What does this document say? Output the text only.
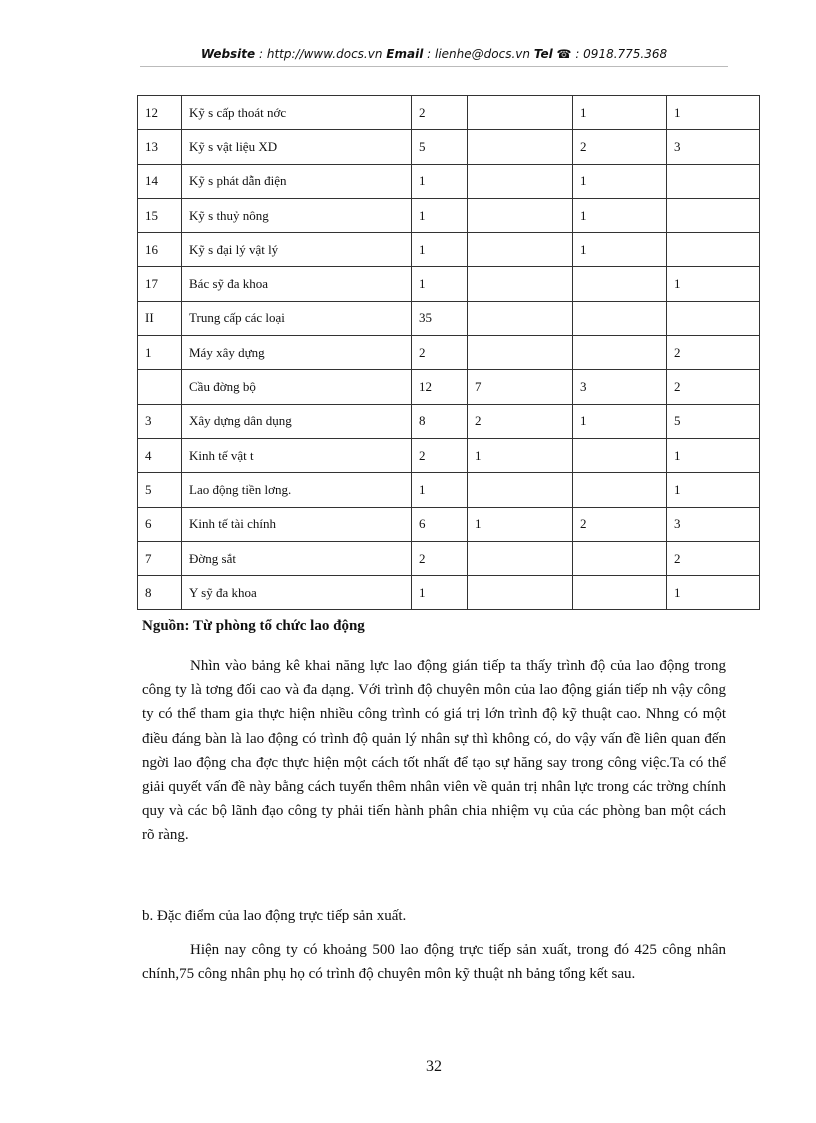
Website : http://www.docs.vn Email : lienhe@docs.vn Tel ☎ : 0918.775.368
12	Kỹ s cấp thoát nớc	2		1	1
13	Kỹ s vật liệu XD	5		2	3
14	Kỹ s phát dẫn điện	1		1	
15	Kỹ s thuỷ nông	1		1	
16	Kỹ s đại lý vật lý	1		1	
17	Bác sỹ đa khoa	1			1
II	Trung cấp các loại	35			
1	Máy xây dựng	2			2
	Cầu đờng bộ	12	7	3	2
3	Xây dựng dân dụng	8	2	1	5
4	Kinh tế vật t	2	1		1
5	Lao động tiền lơng.	1			1
6	Kinh tế tài chính	6	1	2	3
7	Đờng sắt	2			2
8	Y sỹ đa khoa	1			1
Nguồn: Từ phòng tổ chức lao động

Nhìn vào bảng kê khai năng lực lao động gián tiếp ta thấy trình độ của lao động trong công ty là tơng đối cao và đa dạng. Với trình độ chuyên môn của lao động gián tiếp nh vậy công ty có thể tham gia thực hiện nhiều công trình có giá trị lớn trình độ kỹ thuật cao. Nhng có một điều đáng bàn là lao động có trình độ quản lý nhân sự thì không có, do vậy vấn đề liên quan đến ngời lao động cha đợc thực hiện một cách tốt nhất để tạo sự hăng say trong công việc.Ta có thể giải quyết vấn đề này bằng cách tuyển thêm nhân viên về quản trị nhân lực trong các trờng chính quy và các bộ lãnh đạo công ty phải tiến hành phân chia nhiệm vụ của các phòng ban một cách rõ ràng.

b. Đặc điểm của lao động trực tiếp sản xuất.

Hiện nay công ty có khoảng 500 lao động trực tiếp sản xuất, trong đó 425 công nhân chính,75 công nhân phụ họ có trình độ chuyên môn kỹ thuật nh bảng tổng kết sau.

32
